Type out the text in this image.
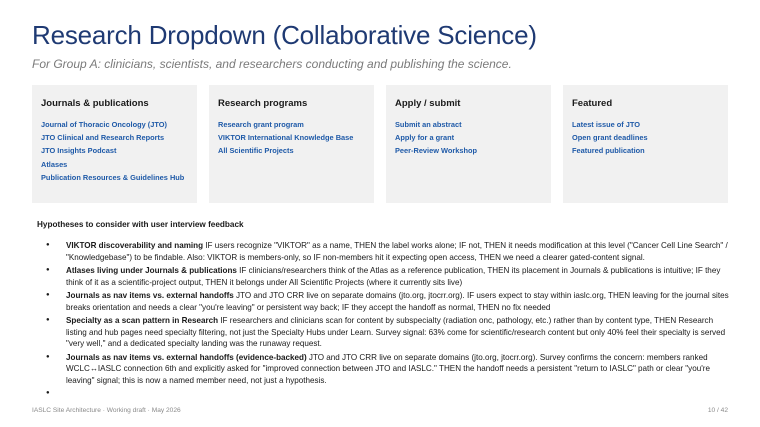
Research Dropdown (Collaborative Science)
For Group A: clinicians, scientists, and researchers conducting and publishing the science.
Journals & publications
Journal of Thoracic Oncology (JTO)
JTO Clinical and Research Reports
JTO Insights Podcast
Atlases
Publication Resources & Guidelines Hub
Research programs
Research grant program
VIKTOR International Knowledge Base
All Scientific Projects
Apply / submit
Submit an abstract
Apply for a grant
Peer-Review Workshop
Featured
Latest issue of JTO
Open grant deadlines
Featured publication
Hypotheses to consider with user interview feedback
● VIKTOR discoverability and naming IF users recognize "VIKTOR" as a name, THEN the label works alone; IF not, THEN it needs modification at this level ("Cancer Cell Line Search" / "Knowledgebase") to be findable. Also: VIKTOR is members-only, so IF non-members hit it expecting open access, THEN we need a clearer gated-content signal.
● Atlases living under Journals & publications IF clinicians/researchers think of the Atlas as a reference publication, THEN its placement in Journals & publications is intuitive; IF they think of it as a scientific-project output, THEN it belongs under All Scientific Projects (where it currently sits live)
● Journals as nav items vs. external handoffs JTO and JTO CRR live on separate domains (jto.org, jtocrr.org). IF users expect to stay within iaslc.org, THEN leaving for the journal sites breaks orientation and needs a clear "you're leaving" or persistent way back; IF they accept the handoff as normal, THEN no fix needed
● Specialty as a scan pattern in Research IF researchers and clinicians scan for content by subspecialty (radiation onc, pathology, etc.) rather than by content type, THEN Research listing and hub pages need specialty filtering, not just the Specialty Hubs under Learn. Survey signal: 63% come for scientific/research content but only 40% feel their specialty is served "very well," and a dedicated specialty landing was the runaway request.
● Journals as nav items vs. external handoffs (evidence-backed) JTO and JTO CRR live on separate domains (jto.org, jtocrr.org). Survey confirms the concern: members ranked WCLC↔IASLC connection 6th and explicitly asked for "improved connection between JTO and IASLC." THEN the handoff needs a persistent "return to IASLC" path or clear "you're leaving" signal; this is now a named member need, not just a hypothesis.
IASLC Site Architecture · Working draft · May 2026	10 / 42
